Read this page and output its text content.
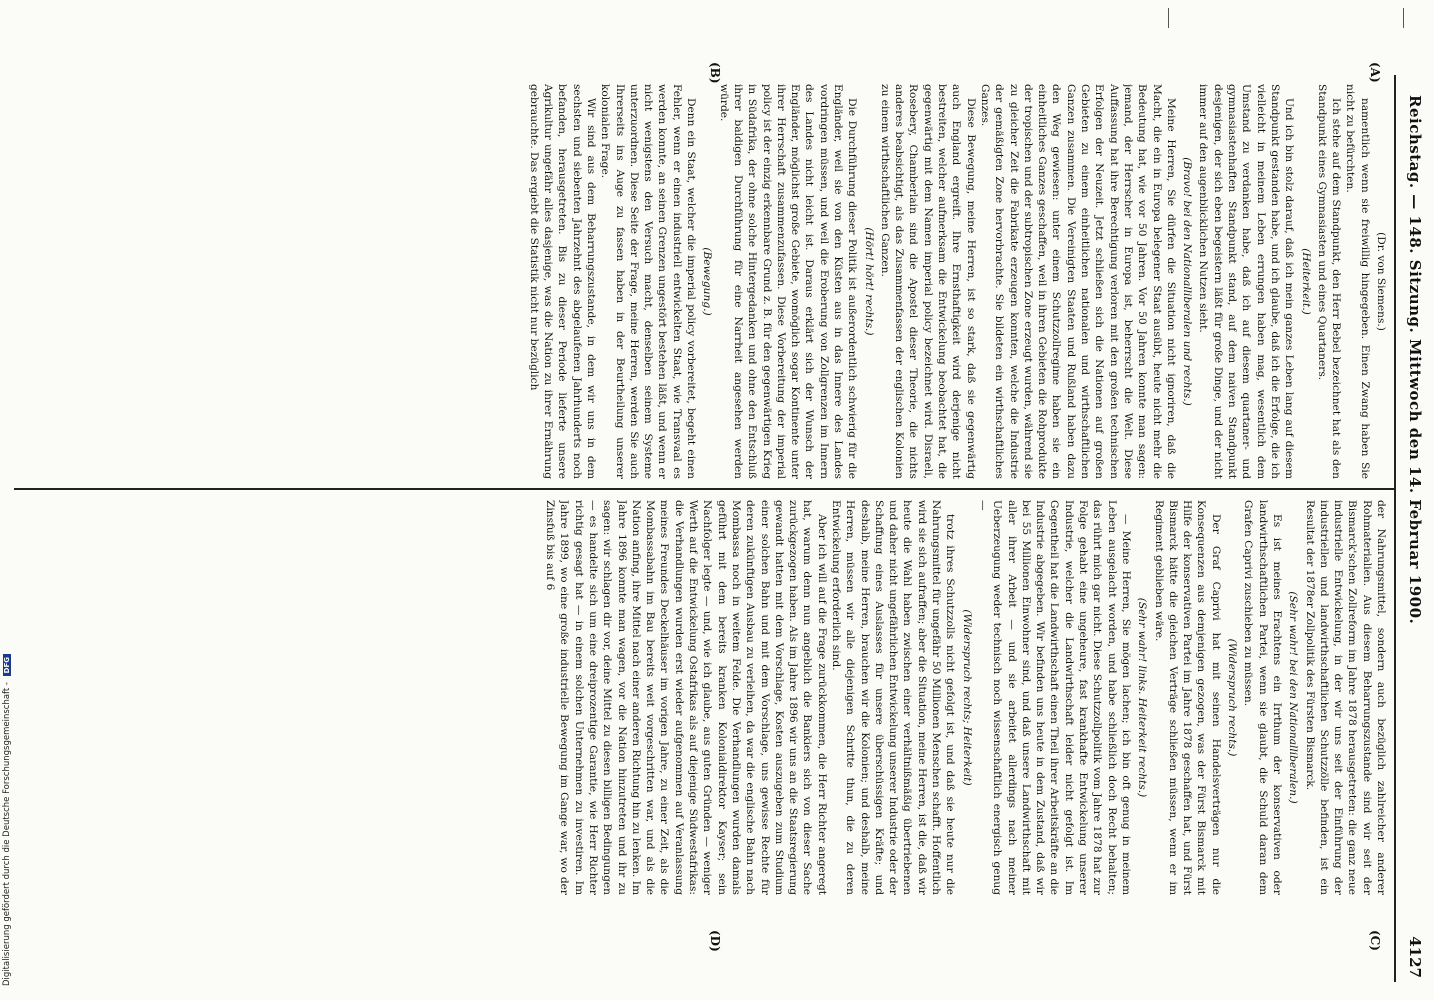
Reichstag. — 148. Sitzung. Mittwoch den 14. Februar 1900.
4127
(A)
(B)
(C)
(D)
(Dr. von Siemens.)

namentlich wenn sie freiwillig hingegeben. Einen Zwang haben Sie nicht zu befürchten.

Ich stehe auf dem Standpunkt, den Herr Bebel bezeichnet hat als den Standpunkt eines Gymnasiasten und eines Quartaners.

(Heiterkeit.)

Und ich bin stolz darauf, daß ich mein ganzes Leben lang auf diesem Standpunkt gestanden habe, und ich glaube, daß ich die Erfolge, die ich vielleicht in meinem Leben errungen haben mag, wesentlich dem Umstand zu verdanken habe, daß ich auf diesem quartaner- und gymnasiastenhaften Standpunkt stand, auf dem naiven Standpunkt desjenigen, der sich eben begeistern läßt für große Dinge, und der nicht immer auf den augenblicklichen Nutzen sieht.

(Bravo! bei den Nationalliberalen und rechts.)

Meine Herren, Sie dürfen die Situation nicht ignoriren, daß die Macht, die ein in Europa belegener Staat ausübt, heute nicht mehr die Bedeutung hat, wie vor 50 Jahren. Vor 50 Jahren konnte man sagen: jemand, der Herrscher in Europa ist, beherrscht die Welt. Diese Auffassung hat ihre Berechtigung verloren mit den großen technischen Erfolgen der Neuzeit. Jetzt schließen sich die Nationen auf großen Gebieten zu einem einheitlichen nationalen und wirthschaftlichen Ganzen zusammen. Die Vereinigten Staaten und Rußland haben dazu den Weg gewiesen: unter einem Schutzzollregime haben sie ein einheitliches Ganzes geschaffen, weil in ihren Gebieten die Rohprodukte der tropischen und der subtropischen Zone erzeugt wurden, während sie zu gleicher Zeit die Fabrikate erzeugen konnten, welche die Industrie der gemäßigten Zone hervorbrachte. Sie bildeten ein wirthschaftliches Ganzes.

Diese Bewegung, meine Herren, ist so stark, daß sie gegenwärtig auch England ergreift. Ihre Ernsthaftigkeit wird derjenige nicht bestreiten, welcher aufmerksam die Entwickelung beobachtet hat, die gegenwärtig mit dem Namen imperial policy bezeichnet wird. Disraeli, Rosebery, Chamberlain sind die Apostel dieser Theorie, die nichts anderes beabsichtigt, als das Zusammenfassen der englischen Kolonien zu einem wirthschaftlichen Ganzen.

(Hört! hört! rechts.)

Die Durchführung dieser Politik ist außerordentlich schwierig für die Engländer, weil sie von den Küsten aus in das Innere des Landes vordringen müssen, und weil die Eroberung von Zollgrenzen im Innern des Landes nicht leicht ist. Daraus erklärt sich der Wunsch der Engländer, möglichst große Gebiete, womöglich sogar Kontinente unter ihrer Herrschaft zusammenzufassen. Diese Vorbereitung der imperial policy ist der einzig erkennbare Grund z. B. für den gegenwärtigen Krieg in Südafrika, der ohne solche Hintergedanken und ohne den Entschluß ihrer baldigen Durchführung für eine Narrheit angesehen werden würde.

(Bewegung.)

Denn ein Staat, welcher die imperial policy vorbereitet, begeht einen Fehler, wenn er einen industriell entwickelten Staat, wie Transvaal es werden konnte, an seinen Grenzen ungestört bestehen läßt, und wenn er nicht wenigstens den Versuch macht, denselben seinem Systeme unterzuordnen. Diese Seite der Frage, meine Herren, werden Sie auch Ihrerseits ins Auge zu fassen haben in der Beurtheilung unserer kolonialen Frage.

Wir sind aus dem Beharrungszustande, in dem wir uns in dem sechsten und siebenten Jahrzehnt des abgelaufenen Jahrhunderts noch befanden, herausgetreten. Bis zu dieser Periode lieferte unsere Agrikultur ungefähr alles dasjenige, was die Nation zu ihrer Ernährung gebrauchte. Das ergiebt die Statistik nicht nur bezüglich

der Nahrungsmittel, sondern auch bezüglich zahlreicher anderer Rohmaterialien. Aus diesem Beharrungszustande sind wir seit der Bismarck'schen Zollreform im Jahre 1878 herausgetreten: die ganz neue industrielle Entwickelung, in der wir uns seit der Einführung der industriellen und landwirthschaftlichen Schutzzölle befinden, ist ein Resultat der 1878er Zollpolitik des Fürsten Bismarck.

(Sehr wahr! bei den Nationalliberalen.)

Es ist meines Erachtens ein Irrthum der konservativen oder landwirthschaftlichen Partei, wenn sie glaubt, die Schuld daran dem Grafen Caprivi zuschieben zu müssen.

(Widerspruch rechts.)

Der Graf Caprivi hat mit seinen Handelsverträgen nur die Konsequenzen aus demjenigen gezogen, was der Fürst Bismarck mit Hilfe der konservativen Partei im Jahre 1878 geschaffen hat, und Fürst Bismarck hätte die gleichen Verträge schließen müssen, wenn er im Regiment geblieben wäre.

(Sehr wahr! links. Heiterkeit rechts.)

— Meine Herren, Sie mögen lachen; ich bin oft genug in meinem Leben ausgelacht worden, und habe schließlich doch Recht behalten; das rührt mich gar nicht. Diese Schutzzollpolitik vom Jahre 1878 hat zur Folge gehabt eine ungeheure, fast krankhafte Entwickelung unserer Industrie, welcher die Landwirthschaft leider nicht gefolgt ist. Im Gegentheil hat die Landwirthschaft einen Theil ihrer Arbeitskräfte an die Industrie abgegeben. Wir befinden uns heute in dem Zustand, daß wir bei 55 Millionen Einwohner sind, und daß unsere Landwirthschaft mit aller ihrer Arbeit — und sie arbeitet allerdings nach meiner Ueberzeugung weder technisch noch wissenschaftlich energisch genug —

(Widerspruch rechts; Heiterkeit)

trotz ihres Schutzzolls nicht gefolgt ist, und daß sie heute nur die Nahrungsmittel für ungefähr 50 Millionen Menschen schafft. Hoffentlich wird sie sich aufraffen; aber die Situation, meine Herren, ist die, daß wir heute die Wahl haben zwischen einer verhältnißmäßig übertriebenen und daher nicht ungefährlichen Entwickelung unserer Industrie oder der Schaffung eines Auslasses für unsere überschüssigen Kräfte; und deshalb, meine Herren, brauchen wir die Kolonien; und deshalb, meine Herren, müssen wir alle diejenigen Schritte thun, die zu deren Entwickelung erforderlich sind.

Aber ich will auf die Frage zurückkommen, die Herr Richter angeregt hat, warum denn nun angeblich die Bankiers sich von dieser Sache zurückgezogen haben. Als im Jahre 1896 wir uns an die Staatsregierung gewandt hatten mit dem Vorschlage, Kosten auszugeben zum Studium einer solchen Bahn und mit dem Vorschlage, uns gewisse Rechte für deren zukünftigen Ausbau zu verleihen, da war die englische Bahn nach Mombassa noch in weitem Felde. Die Verhandlungen wurden damals geführt mit dem bereits kranken Kolonialdirektor Kayser; sein Nachfolger legte — und, wie ich glaube, aus guten Gründen — weniger Werth auf die Entwickelung Ostafrikas als auf diejenige Südwestafrikas: die Verhandlungen wurden erst wieder aufgenommen auf Veranlassung meines Freundes Deckelhäuser im vorigen Jahre, zu einer Zeit, als die Mombassabahn im Bau bereits weit vorgeschritten war, und als die Nation anfing, ihre Mittel nach einer anderen Richtung hin zu lenken. Im Jahre 1896 konnte man wagen, vor die Nation hinzutreten und ihr zu sagen: wir schlagen dir vor, deine Mittel zu diesen billigen Bedingungen — es handelte sich um eine dreiprozentige Garantie, wie Herr Richter richtig gesagt hat — in einem solchen Unternehmen zu investiren. Im Jahre 1899, wo eine große industrielle Bewegung im Gange war, wo der Zinsfuß bis auf 6

Digitalisierung gefördert durch die Deutsche Forschungsgemeinschaft - DFG
